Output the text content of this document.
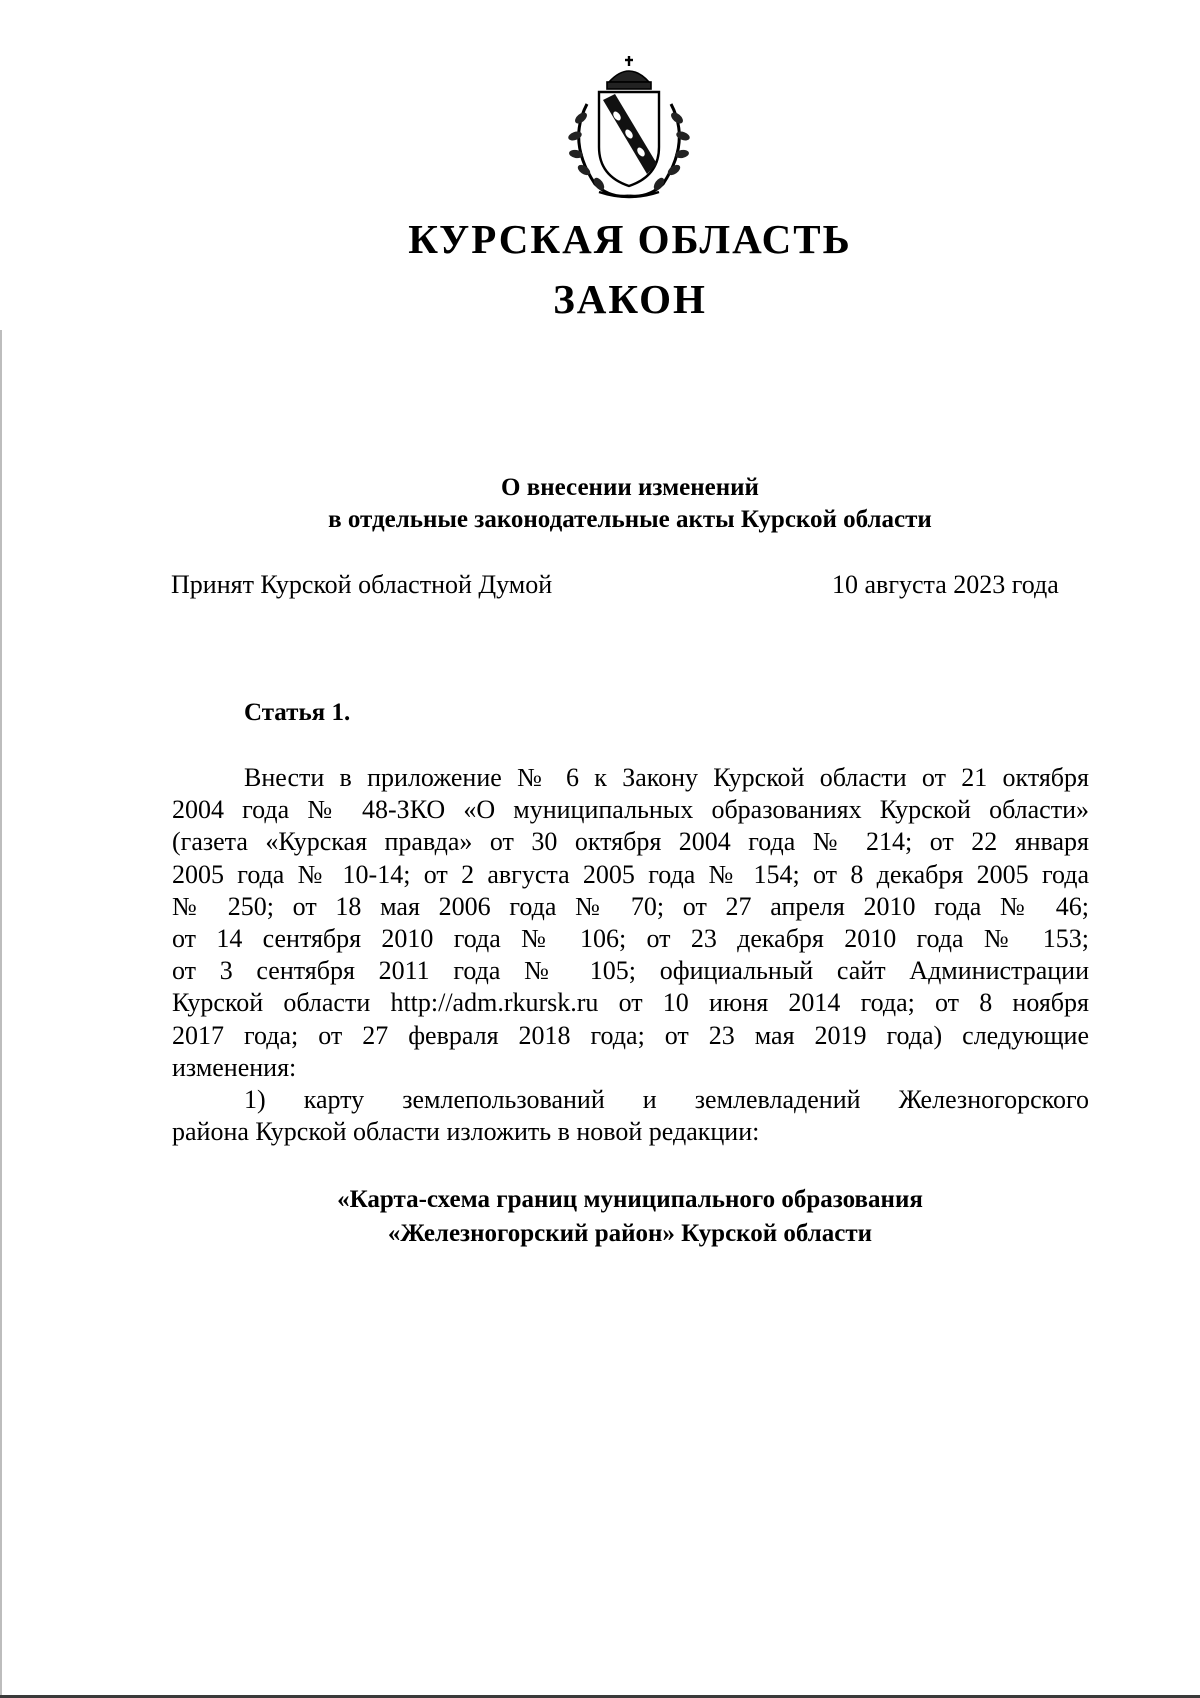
КУРСКАЯ ОБЛАСТЬ
ЗАКОН
О внесении изменений
в отдельные законодательные акты Курской области
Принят Курской областной Думой	10 августа 2023 года
Статья 1.
Внести в приложение № 6 к Закону Курской области от 21 октября
2004 года № 48-ЗКО «О муниципальных образованиях Курской области»
(газета «Курская правда» от 30 октября 2004 года № 214; от 22 января
2005 года № 10-14; от 2 августа 2005 года № 154; от 8 декабря 2005 года
№ 250; от 18 мая 2006 года № 70; от 27 апреля 2010 года № 46;
от 14 сентября 2010 года № 106; от 23 декабря 2010 года № 153;
от 3 сентября 2011 года № 105; официальный сайт Администрации
Курской области http://adm.rkursk.ru от 10 июня 2014 года; от 8 ноября
2017 года; от 27 февраля 2018 года; от 23 мая 2019 года) следующие
изменения:
1) карту землепользований и землевладений Железногорского
района Курской области изложить в новой редакции:
«Карта-схема границ муниципального образования
«Железногорский район» Курской области
